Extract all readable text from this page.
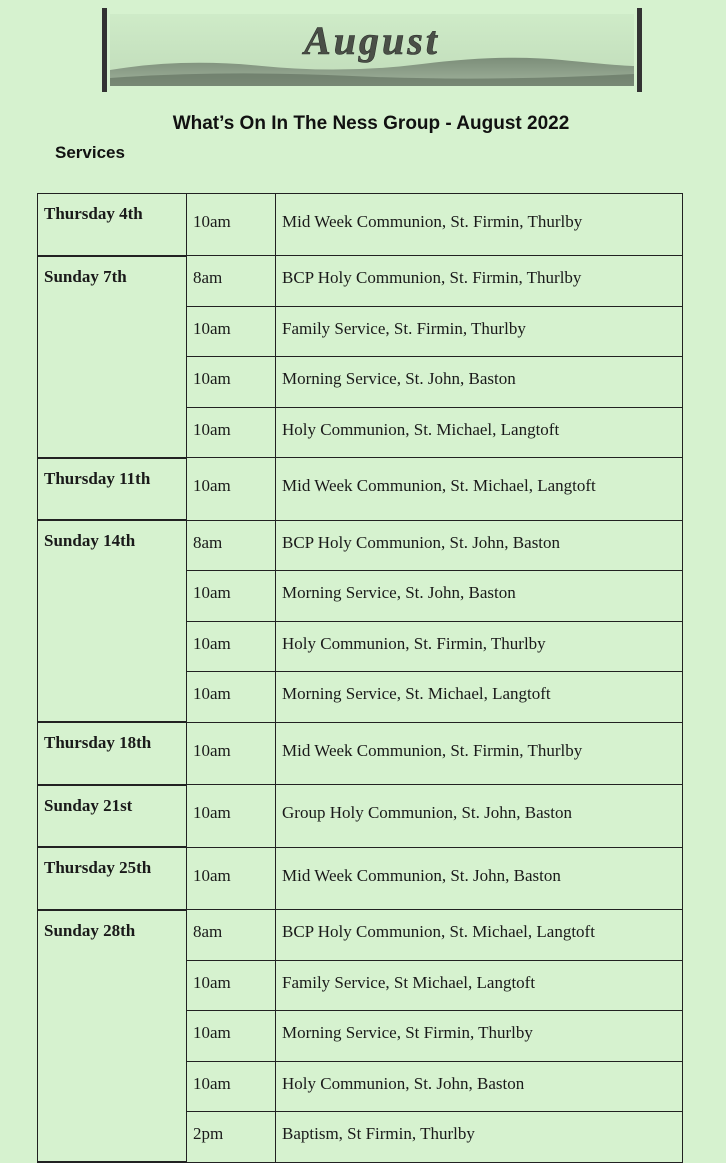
August
What’s On In The Ness Group - August 2022
Services
Thursday 4th	10am	Mid Week Communion, St. Firmin, Thurlby
Sunday 7th	8am	BCP Holy Communion, St. Firmin, Thurlby
	10am	Family Service, St. Firmin, Thurlby
	10am	Morning Service, St. John, Baston
	10am	Holy Communion, St. Michael, Langtoft
Thursday 11th	10am	Mid Week Communion, St. Michael, Langtoft
Sunday 14th	8am	BCP Holy Communion, St. John, Baston
	10am	Morning Service, St. John, Baston
	10am	Holy Communion, St. Firmin, Thurlby
	10am	Morning Service, St. Michael, Langtoft
Thursday 18th	10am	Mid Week Communion, St. Firmin, Thurlby
Sunday 21st	10am	Group Holy Communion, St. John, Baston
Thursday 25th	10am	Mid Week Communion, St. John, Baston
Sunday 28th	8am	BCP Holy Communion, St. Michael, Langtoft
	10am	Family Service, St Michael, Langtoft
	10am	Morning Service, St Firmin, Thurlby
	10am	Holy Communion, St. John, Baston
	2pm	Baptism, St Firmin, Thurlby
